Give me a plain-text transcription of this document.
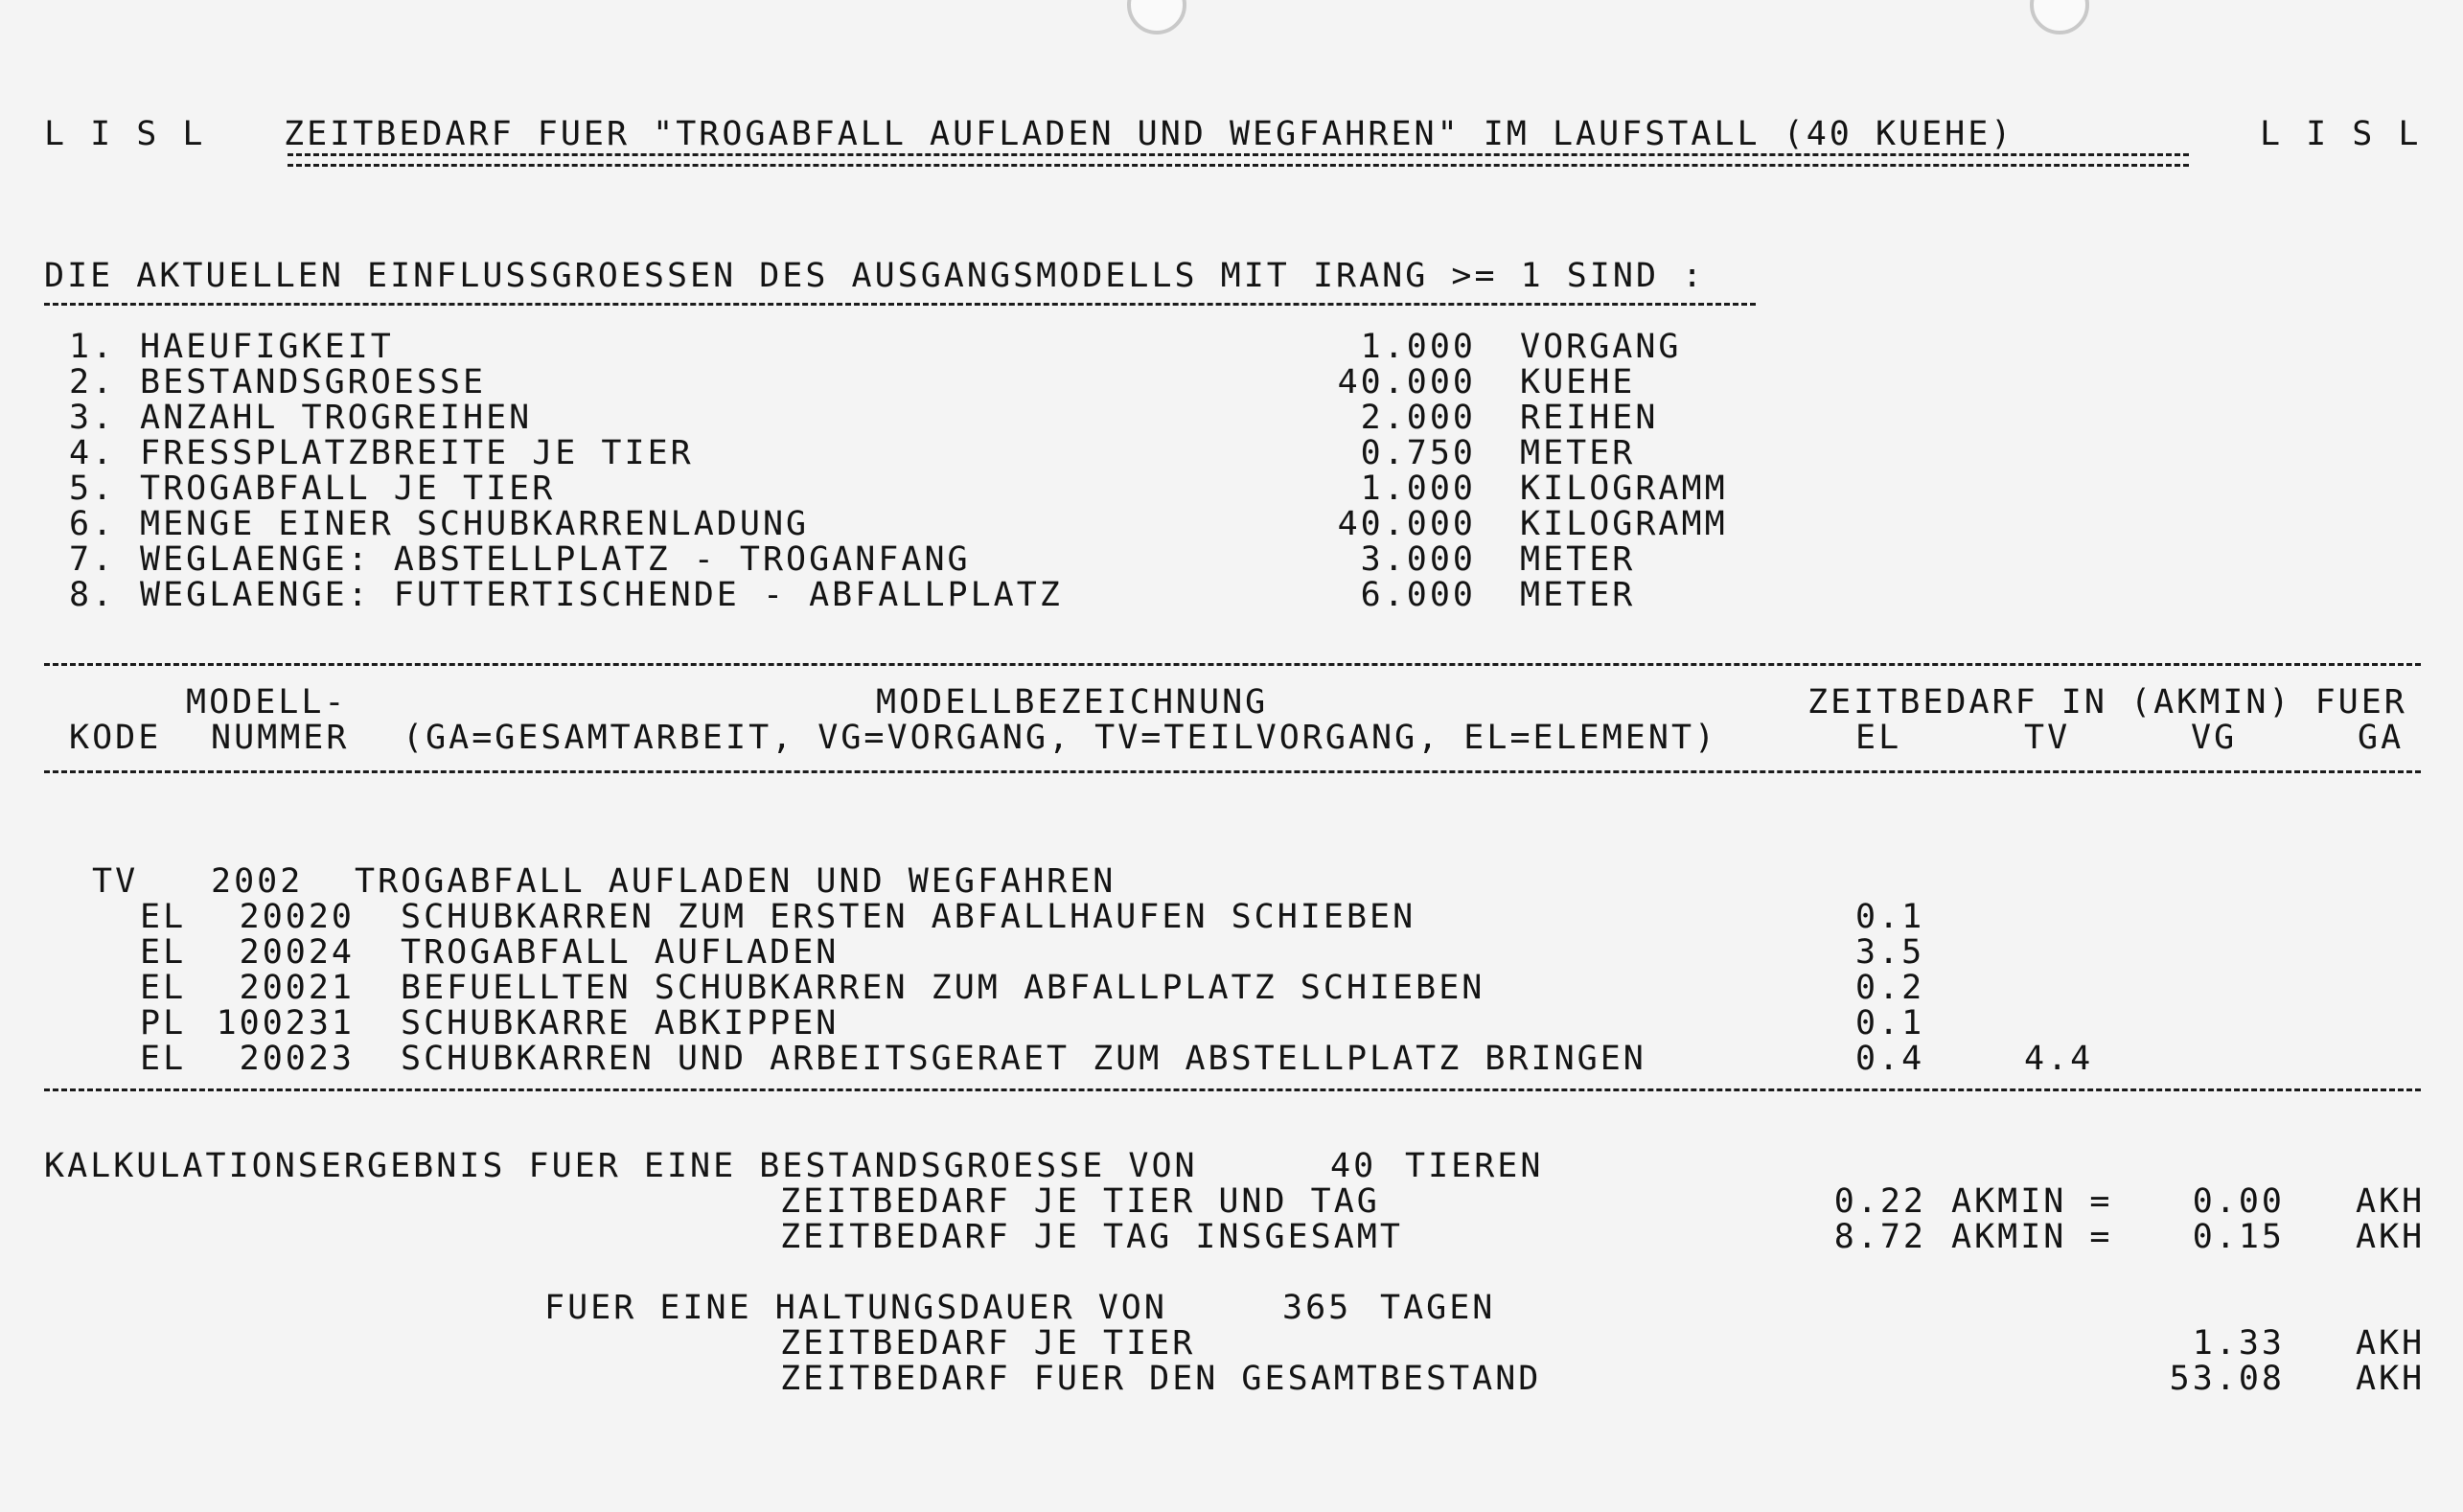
L I S L ZEITBEDARF FUER "TROGABFALL AUFLADEN UND WEGFAHREN" IM LAUFSTALL (40 KUEHE)	L I S L
DIE AKTUELLEN EINFLUSSGROESSEN DES AUSGANGSMODELLS MIT IRANG >= 1 SIND :
1. HAEUFIGKEIT	1.000 VORGANG
2. BESTANDSGROESSE	40.000 KUEHE
3. ANZAHL TROGREIHEN	2.000 REIHEN
4. FRESSPLATZBREITE JE TIER	0.750 METER
5. TROGABFALL JE TIER	1.000 KILOGRAMM
6. MENGE EINER SCHUBKARRENLADUNG	40.000 KILOGRAMM
7. WEGLAENGE: ABSTELLPLATZ - TROGANFANG	3.000 METER
8. WEGLAENGE: FUTTERTISCHENDE - ABFALLPLATZ	6.000 METER
MODELL-	MODELLBEZEICHNUNG	ZEITBEDARF IN (AKMIN) FUER
KODE NUMMER (GA=GESAMTARBEIT, VG=VORGANG, TV=TEILVORGANG, EL=ELEMENT)	EL	TV	VG	GA
TV 2002 TROGABFALL AUFLADEN UND WEGFAHREN
EL	20020 SCHUBKARREN ZUM ERSTEN ABFALLHAUFEN SCHIEBEN	0.1
EL	20024 TROGABFALL AUFLADEN	3.5
EL	20021 BEFUELLTEN SCHUBKARREN ZUM ABFALLPLATZ SCHIEBEN	0.2
PL 100231 SCHUBKARRE ABKIPPEN	0.1
EL	20023 SCHUBKARREN UND ARBEITSGERAET ZUM ABSTELLPLATZ BRINGEN	0.4	4.4
KALKULATIONSERGEBNIS FUER EINE BESTANDSGROESSE VON	40 TIEREN
ZEITBEDARF JE TIER UND TAG	0.22 AKMIN =	0.00 AKH
ZEITBEDARF JE TAG INSGESAMT	8.72 AKMIN =	0.15 AKH
FUER EINE HALTUNGSDAUER VON	365 TAGEN
ZEITBEDARF JE TIER	1.33 AKH
ZEITBEDARF FUER DEN GESAMTBESTAND	53.08 AKH
